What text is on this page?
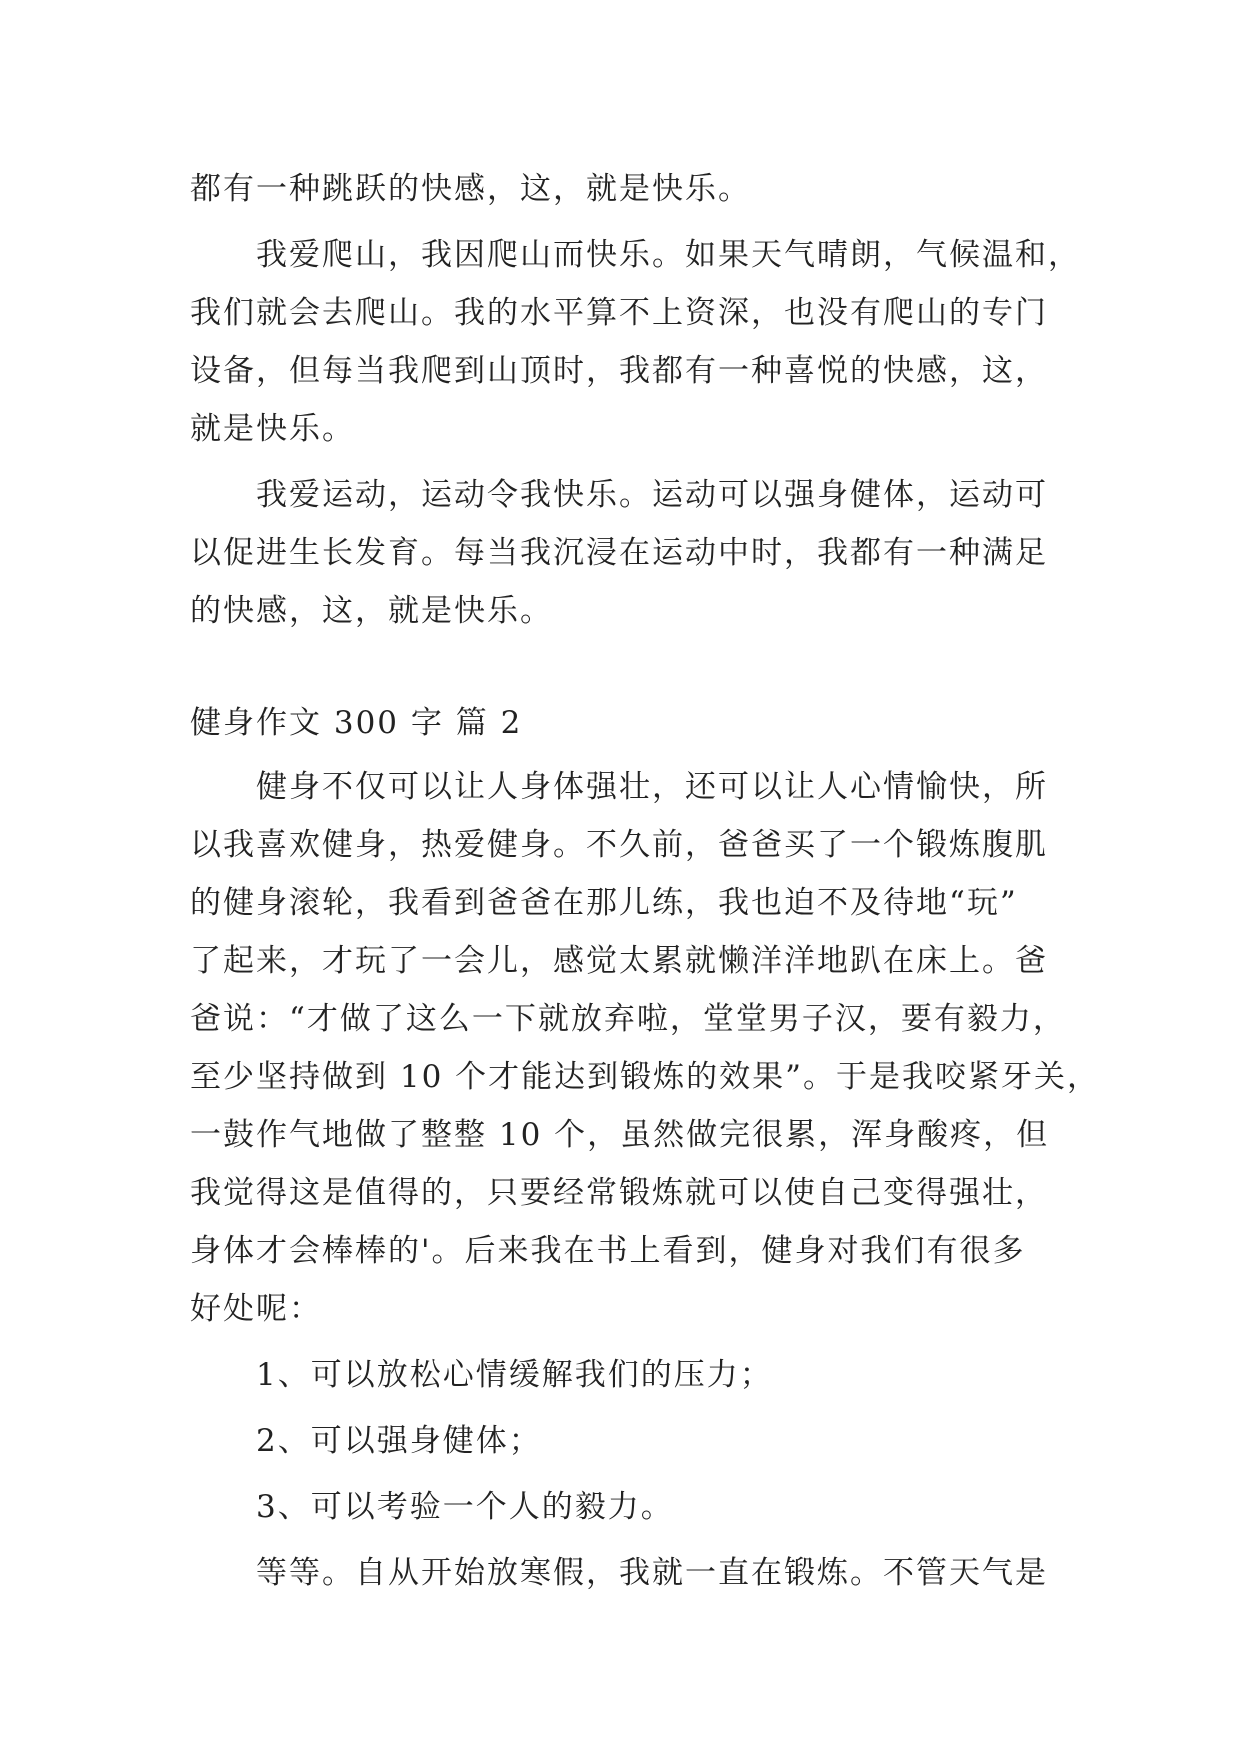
都有一种跳跃的快感，这，就是快乐。

我爱爬山，我因爬山而快乐。如果天气晴朗，气候温和，
我们就会去爬山。我的水平算不上资深，也没有爬山的专门
设备，但每当我爬到山顶时，我都有一种喜悦的快感，这，
就是快乐。

我爱运动，运动令我快乐。运动可以强身健体，运动可
以促进生长发育。每当我沉浸在运动中时，我都有一种满足
的快感，这，就是快乐。

健身作文 300 字 篇 2

健身不仅可以让人身体强壮，还可以让人心情愉快，所
以我喜欢健身，热爱健身。不久前，爸爸买了一个锻炼腹肌
的健身滚轮，我看到爸爸在那儿练，我也迫不及待地“玩”
了起来，才玩了一会儿，感觉太累就懒洋洋地趴在床上。爸
爸说：“才做了这么一下就放弃啦，堂堂男子汉，要有毅力，
至少坚持做到 10 个才能达到锻炼的效果”。于是我咬紧牙关，
一鼓作气地做了整整 10 个，虽然做完很累，浑身酸疼，但
我觉得这是值得的，只要经常锻炼就可以使自己变得强壮，
身体才会棒棒的'。后来我在书上看到，健身对我们有很多
好处呢：

1、可以放松心情缓解我们的压力；
2、可以强身健体；
3、可以考验一个人的毅力。

等等。自从开始放寒假，我就一直在锻炼。不管天气是
